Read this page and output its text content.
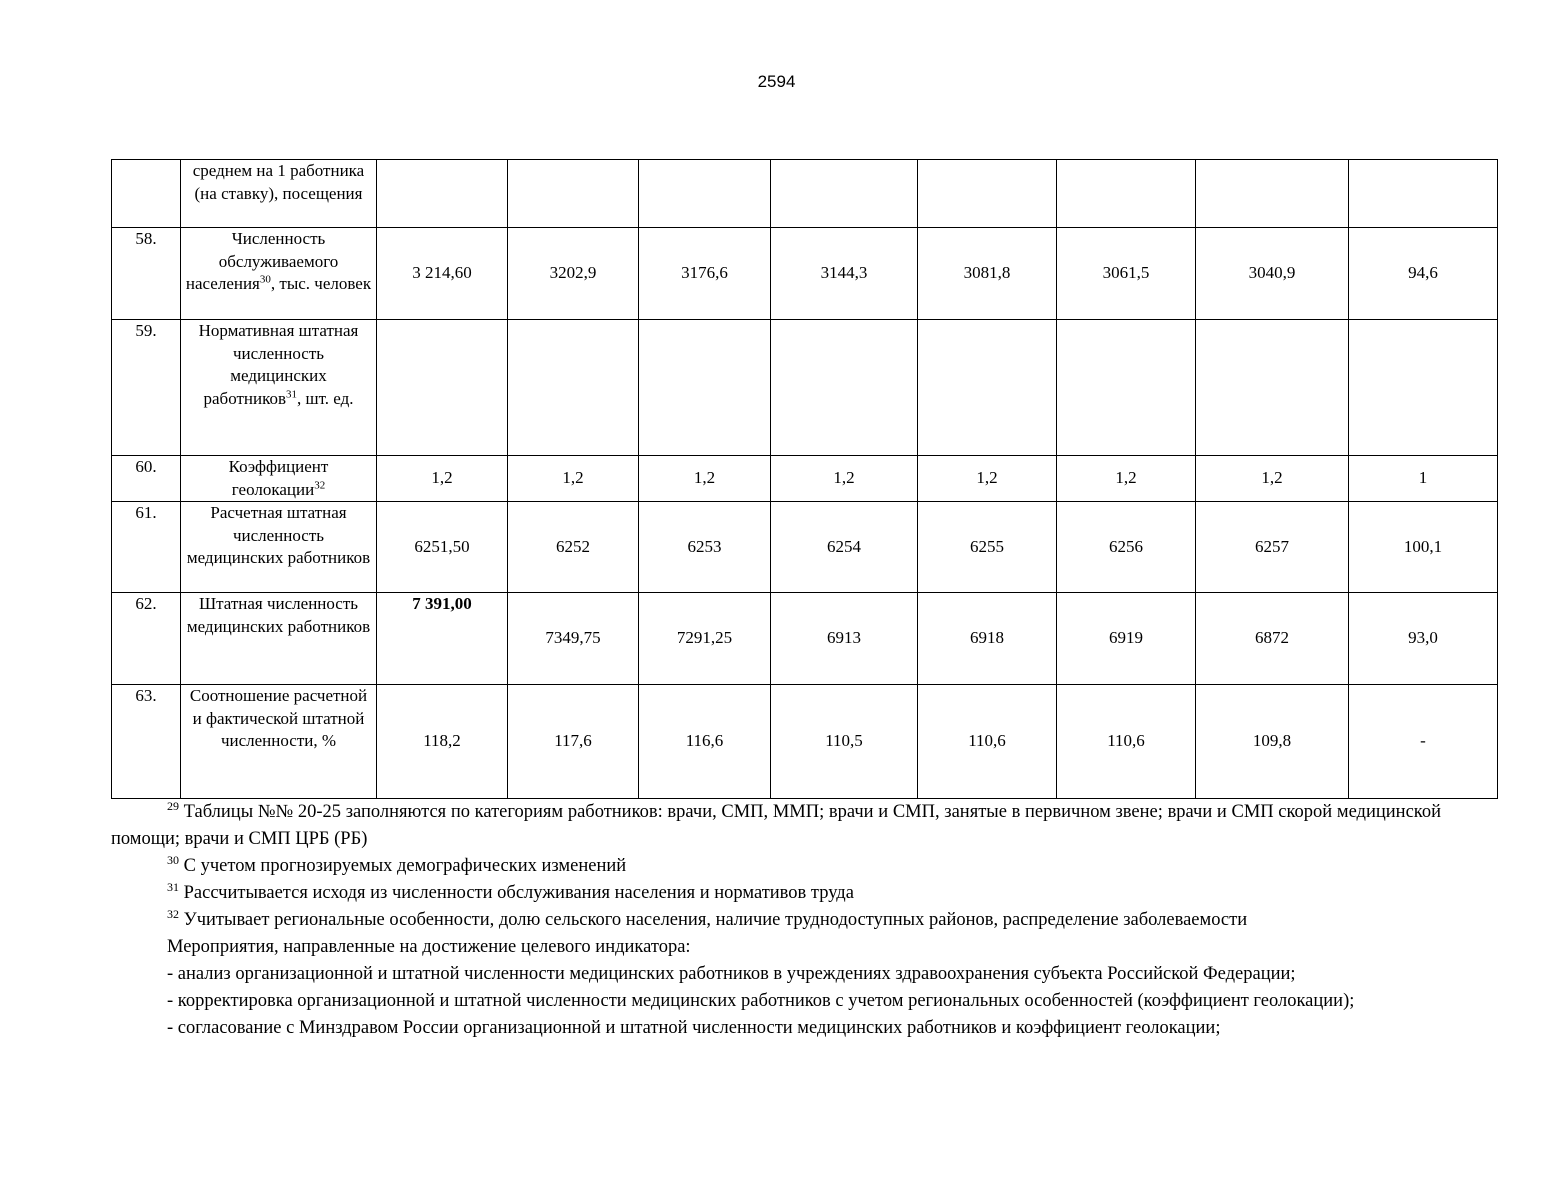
2594
	среднем на 1 работника (на ставку), посещения								
58.	Численность обслуживаемого населения$^{30}$, тыс. человек	3 214,60	3202,9	3176,6	3144,3	3081,8	3061,5	3040,9	94,6
59.	Нормативная штатная численность медицинских работников$^{31}$, шт. ед.								
60.	Коэффициент геолокации$^{32}$	1,2	1,2	1,2	1,2	1,2	1,2	1,2	1
61.	Расчетная штатная численность медицинских работников	6251,50	6252	6253	6254	6255	6256	6257	100,1
62.	Штатная численность медицинских работников	7 391,00	7349,75	7291,25	6913	6918	6919	6872	93,0
63.	Соотношение расчетной и фактической штатной численности, %	118,2	117,6	116,6	110,5	110,6	110,6	109,8	-

$^{29}$ Таблицы №№ 20-25 заполняются по категориям работников: врачи, СМП, ММП; врачи и СМП, занятые в первичном звене; врачи и СМП скорой медицинской помощи; врачи и СМП ЦРБ (РБ)

$^{30}$ С учетом прогнозируемых демографических изменений

$^{31}$ Рассчитывается исходя из численности обслуживания населения и нормативов труда

$^{32}$ Учитывает региональные особенности, долю сельского населения, наличие труднодоступных районов, распределение заболеваемости

Мероприятия, направленные на достижение целевого индикатора:

- анализ организационной и штатной численности медицинских работников в учреждениях здравоохранения субъекта Российской Федерации;

- корректировка организационной и штатной численности медицинских работников с учетом региональных особенностей (коэффициент геолокации);

- согласование с Минздравом России организационной и штатной численности медицинских работников и коэффициент геолокации;
